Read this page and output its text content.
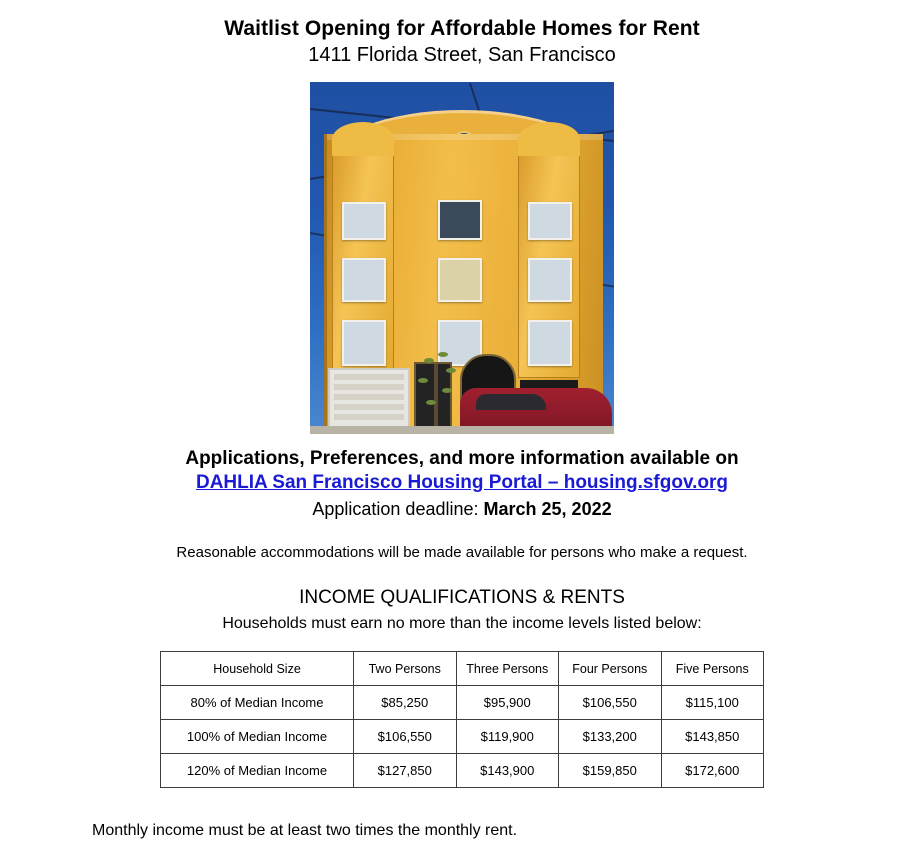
Waitlist Opening for Affordable Homes for Rent
1411 Florida Street, San Francisco
Applications, Preferences, and more information available on
DAHLIA San Francisco Housing Portal – housing.sfgov.org
Application deadline: March 25, 2022
Reasonable accommodations will be made available for persons who make a request.
INCOME QUALIFICATIONS & RENTS
Households must earn no more than the income levels listed below:
Household Size	Two Persons	Three Persons	Four Persons	Five Persons
80% of Median Income	$85,250	$95,900	$106,550	$115,100
100% of Median Income	$106,550	$119,900	$133,200	$143,850
120% of Median Income	$127,850	$143,900	$159,850	$172,600
Monthly income must be at least two times the monthly rent.
